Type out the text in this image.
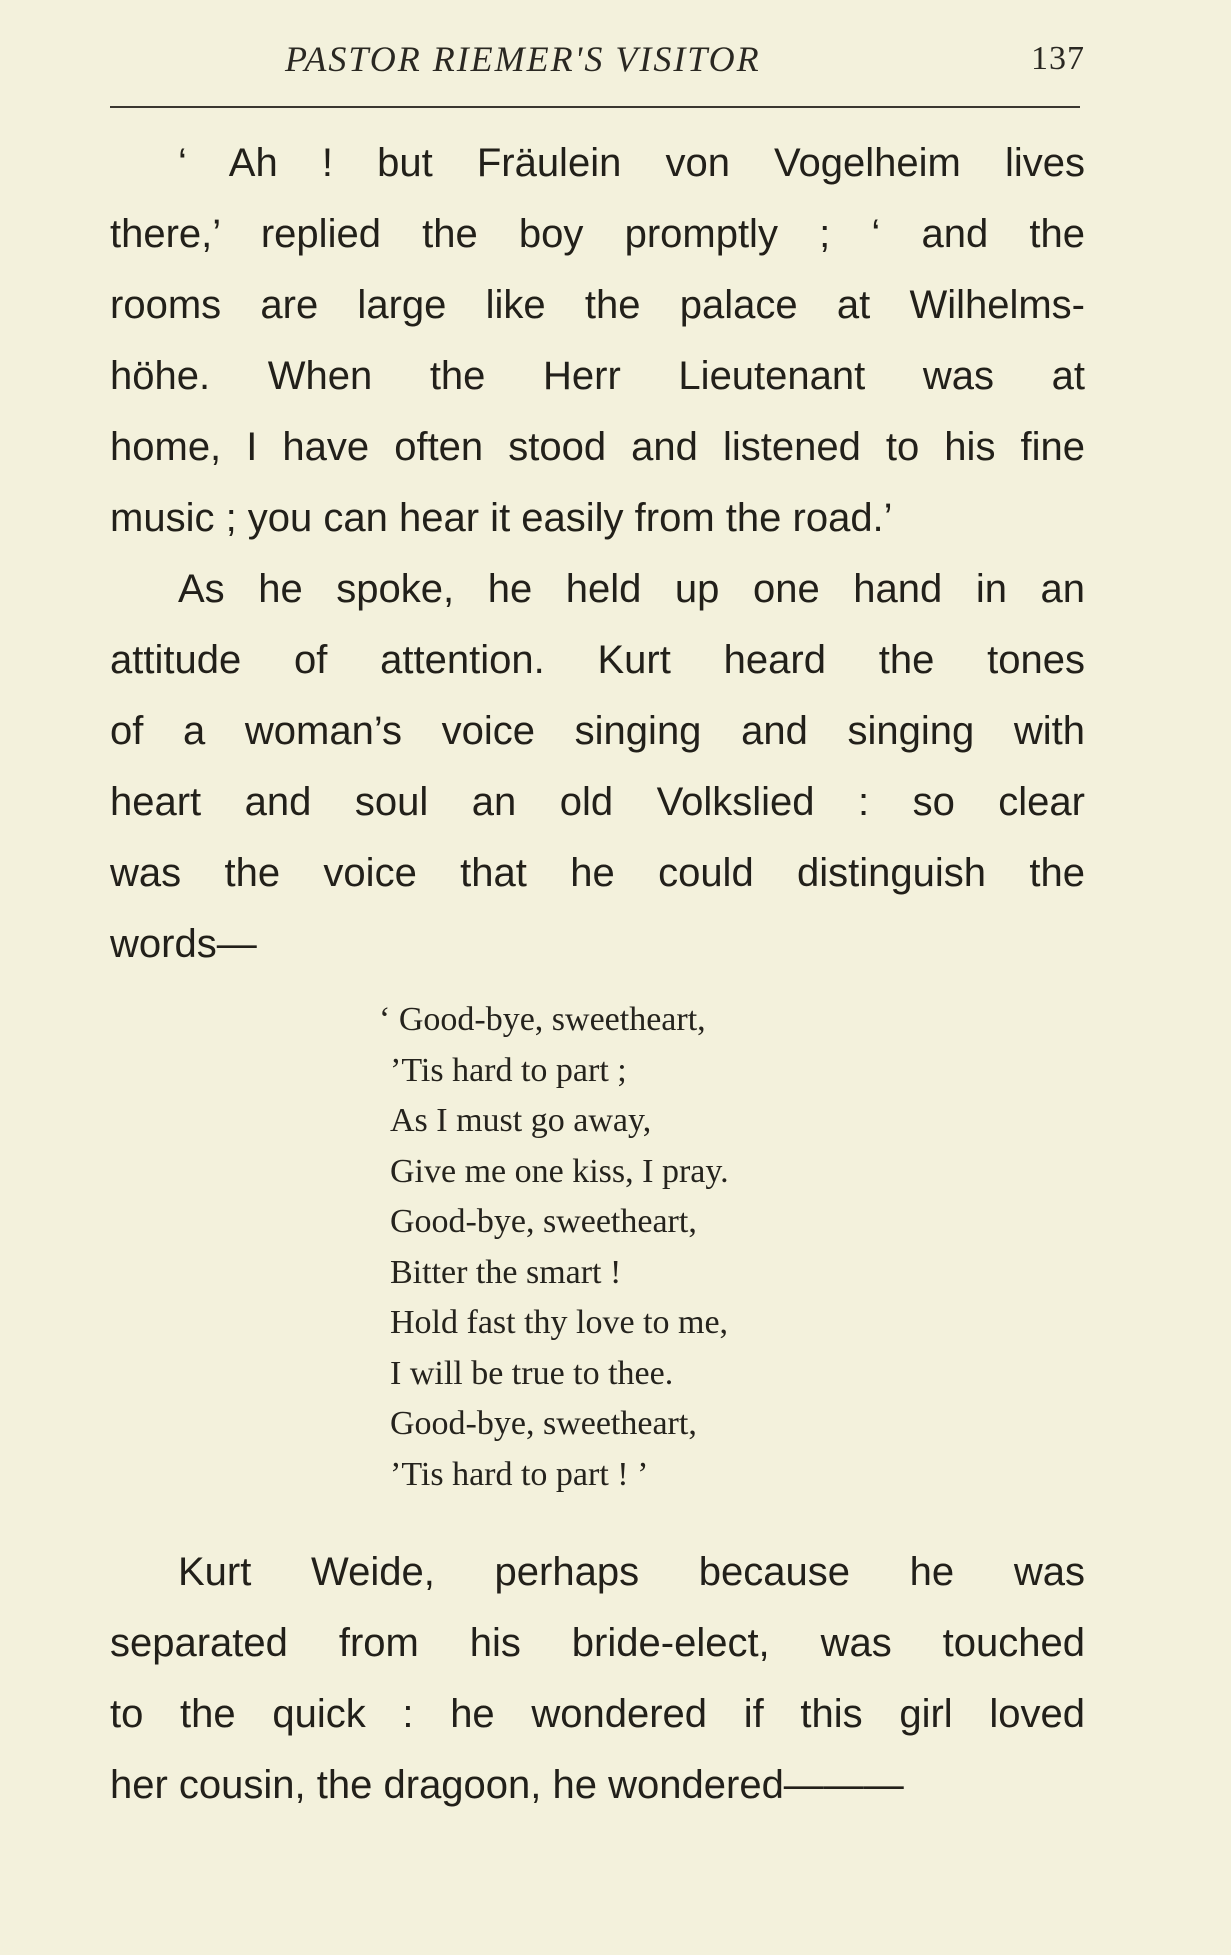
PASTOR RIEMER'S VISITOR	137
‘ Ah ! but Fräulein von Vogelheim lives
there,’ replied the boy promptly ; ‘ and the
rooms are large like the palace at Wilhelms-
höhe. When the Herr Lieutenant was at
home, I have often stood and listened to his fine
music ; you can hear it easily from the road.’
As he spoke, he held up one hand in an
attitude of attention. Kurt heard the tones
of a woman’s voice singing and singing with
heart and soul an old Volkslied : so clear
was the voice that he could distinguish the
words—
‘ Good-bye, sweetheart,
’Tis hard to part ;
As I must go away,
Give me one kiss, I pray.
Good-bye, sweetheart,
Bitter the smart !
Hold fast thy love to me,
I will be true to thee.
Good-bye, sweetheart,
’Tis hard to part ! ’
Kurt Weide, perhaps because he was
separated from his bride-elect, was touched
to the quick : he wondered if this girl loved
her cousin, the dragoon, he wondered———
